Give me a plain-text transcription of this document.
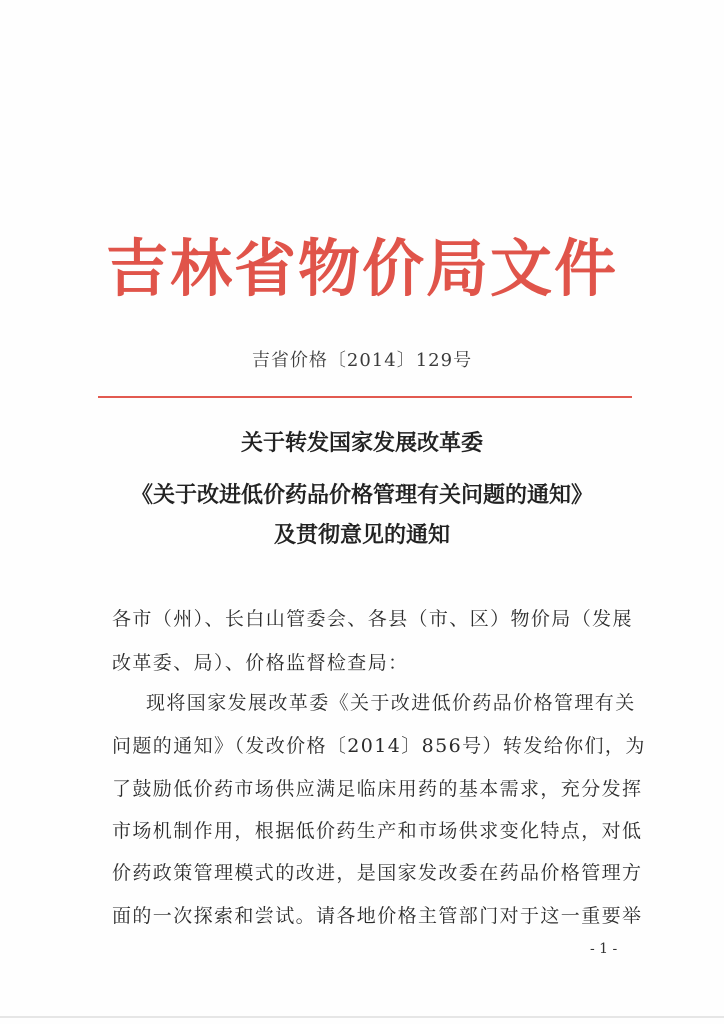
吉林省物价局文件
吉省价格〔2014〕129号
关于转发国家发展改革委
《关于改进低价药品价格管理有关问题的通知》
及贯彻意见的通知
各市（州）、长白山管委会、各县（市、区）物价局（发展
改革委、局）、价格监督检查局：
现将国家发展改革委《关于改进低价药品价格管理有关
问题的通知》（发改价格〔2014〕856号）转发给你们，为
了鼓励低价药市场供应满足临床用药的基本需求，充分发挥
市场机制作用，根据低价药生产和市场供求变化特点，对低
价药政策管理模式的改进，是国家发改委在药品价格管理方
面的一次探索和尝试。请各地价格主管部门对于这一重要举
- 1 -
